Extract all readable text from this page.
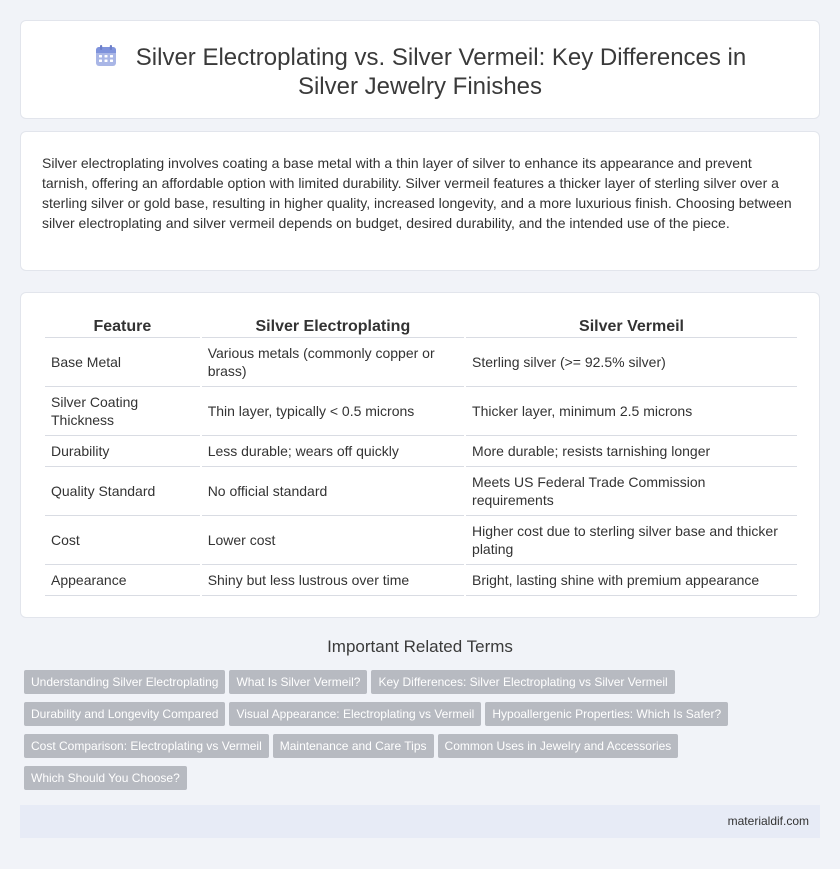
Silver Electroplating vs. Silver Vermeil: Key Differences in Silver Jewelry Finishes

Silver electroplating involves coating a base metal with a thin layer of silver to enhance its appearance and prevent tarnish, offering an affordable option with limited durability. Silver vermeil features a thicker layer of sterling silver over a sterling silver or gold base, resulting in higher quality, increased longevity, and a more luxurious finish. Choosing between silver electroplating and silver vermeil depends on budget, desired durability, and the intended use of the piece.

Feature	Silver Electroplating	Silver Vermeil
Base Metal	Various metals (commonly copper or brass)	Sterling silver (>= 92.5% silver)
Silver Coating Thickness	Thin layer, typically < 0.5 microns	Thicker layer, minimum 2.5 microns
Durability	Less durable; wears off quickly	More durable; resists tarnishing longer
Quality Standard	No official standard	Meets US Federal Trade Commission requirements
Cost	Lower cost	Higher cost due to sterling silver base and thicker plating
Appearance	Shiny but less lustrous over time	Bright, lasting shine with premium appearance
Important Related Terms
Understanding Silver Electroplating What Is Silver Vermeil? Key Differences: Silver Electroplating vs Silver Vermeil
Durability and Longevity Compared Visual Appearance: Electroplating vs Vermeil Hypoallergenic Properties: Which Is Safer?
Cost Comparison: Electroplating vs Vermeil Maintenance and Care Tips Common Uses in Jewelry and Accessories
Which Should You Choose?
materialdif.com
